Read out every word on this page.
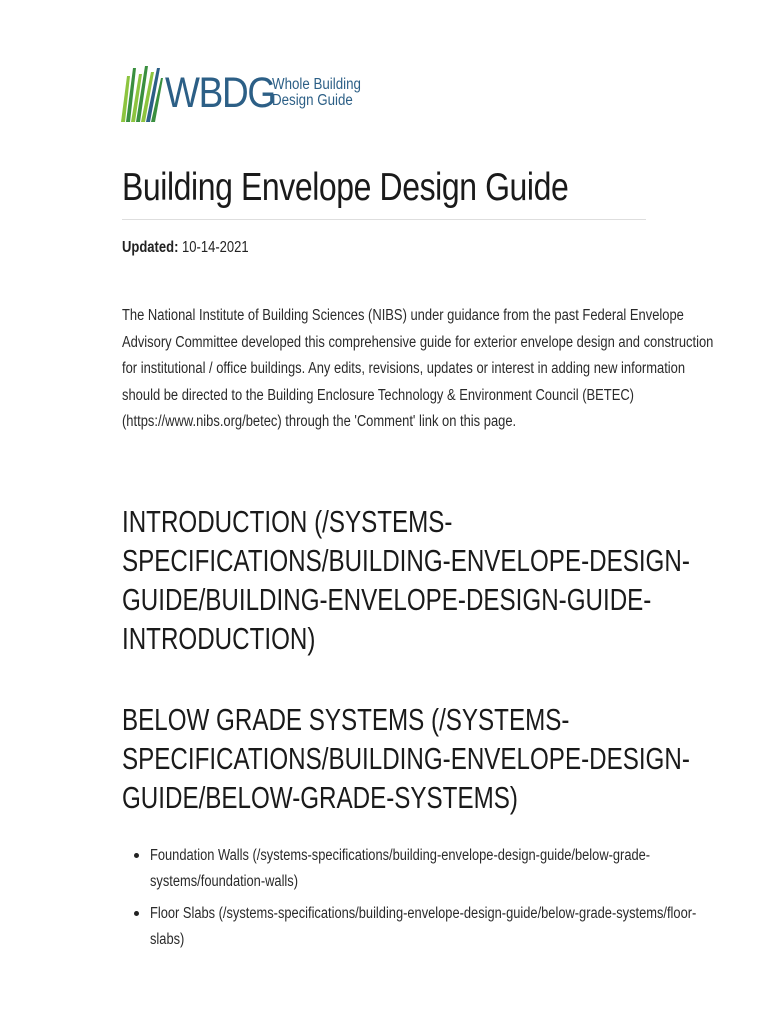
WBDG
Whole Building
Design Guide
Building Envelope Design Guide
Updated: 10-14-2021

The National Institute of Building Sciences (NIBS) under guidance from the past Federal Envelope

Advisory Committee developed this comprehensive guide for exterior envelope design and construction

for institutional / office buildings. Any edits, revisions, updates or interest in adding new information

should be directed to the Building Enclosure Technology & Environment Council (BETEC)

(https://www.nibs.org/betec) through the 'Comment' link on this page.

INTRODUCTION (/SYSTEMS-
SPECIFICATIONS/BUILDING-ENVELOPE-DESIGN-
GUIDE/BUILDING-ENVELOPE-DESIGN-GUIDE-
INTRODUCTION)
BELOW GRADE SYSTEMS (/SYSTEMS-
SPECIFICATIONS/BUILDING-ENVELOPE-DESIGN-
GUIDE/BELOW-GRADE-SYSTEMS)
Foundation Walls (/systems-specifications/building-envelope-design-guide/below-grade-
systems/foundation-walls)
Floor Slabs (/systems-specifications/building-envelope-design-guide/below-grade-systems/floor-
slabs)
